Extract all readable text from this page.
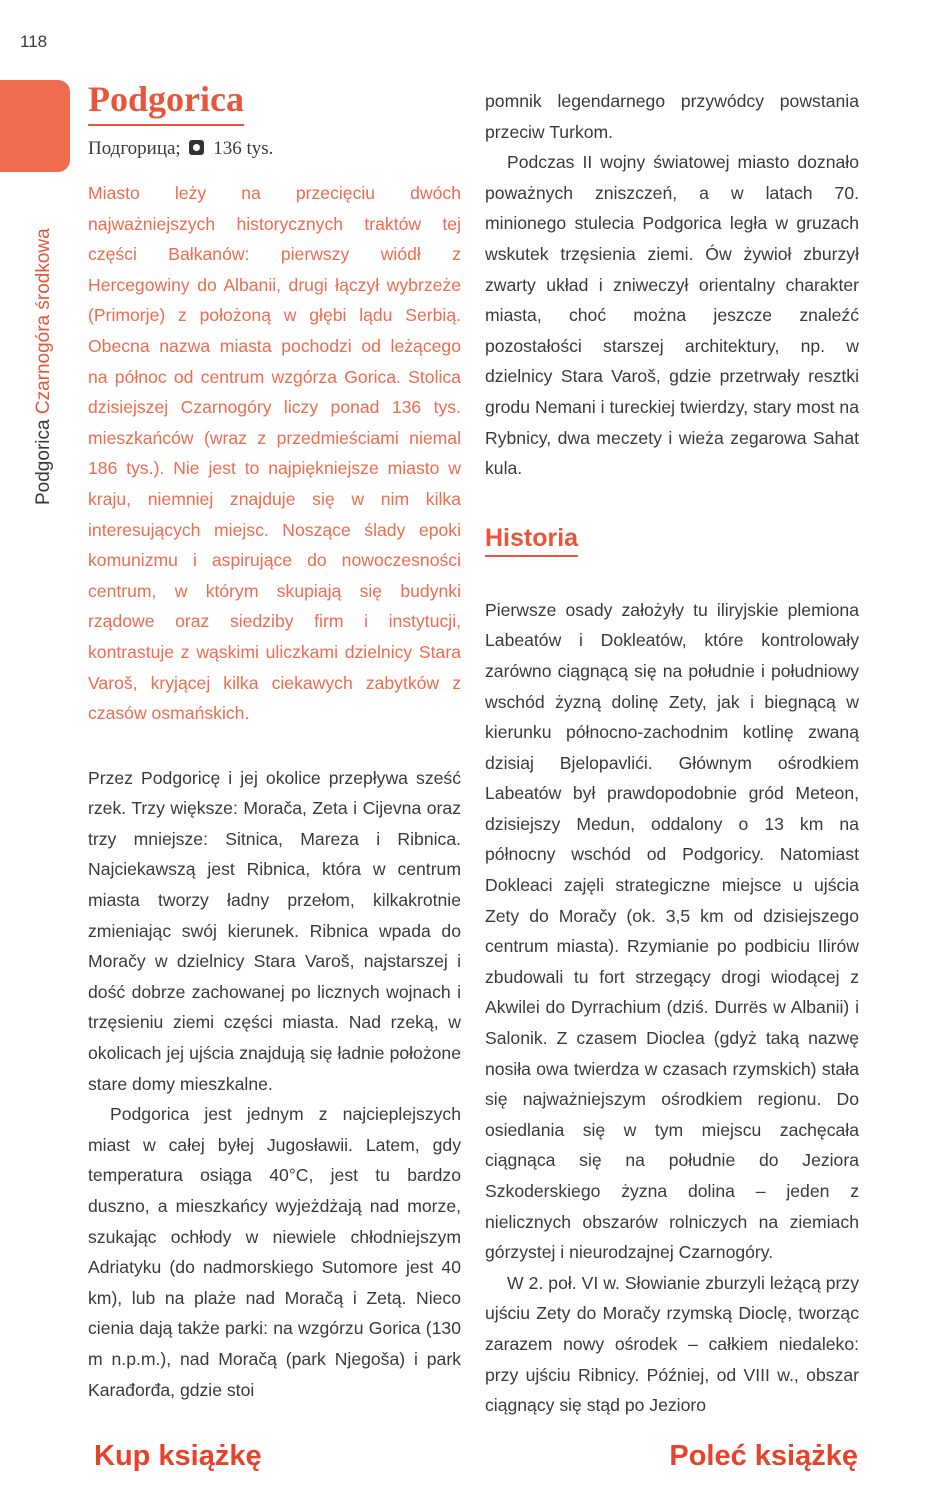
118
Podgorica Czarnogóra środkowa
Podgorica
Подгорица; 136 tys.

Miasto leży na przecięciu dwóch najważniejszych historycznych traktów tej części Bałkanów: pierwszy wiódł z Hercegowiny do Albanii, drugi łączył wybrzeże (Primorje) z położoną w głębi lądu Serbią. Obecna nazwa miasta pochodzi od leżącego na północ od centrum wzgórza Gorica. Stolica dzisiejszej Czarnogóry liczy ponad 136 tys. mieszkańców (wraz z przedmieściami niemal 186 tys.). Nie jest to najpiękniejsze miasto w kraju, niemniej znajduje się w nim kilka interesujących miejsc. Noszące ślady epoki komunizmu i aspirujące do nowoczesności centrum, w którym skupiają się budynki rządowe oraz siedziby firm i instytucji, kontrastuje z wąskimi uliczkami dzielnicy Stara Varoš, kryjącej kilka ciekawych zabytków z czasów osmańskich.

Przez Podgoricę i jej okolice przepływa sześć rzek. Trzy większe: Morača, Zeta i Cijevna oraz trzy mniejsze: Sitnica, Mareza i Ribnica. Najciekawszą jest Ribnica, która w centrum miasta tworzy ładny przełom, kilkakrotnie zmieniając swój kierunek. Ribnica wpada do Moračy w dzielnicy Stara Varoš, najstarszej i dość dobrze zachowanej po licznych wojnach i trzęsieniu ziemi części miasta. Nad rzeką, w okolicach jej ujścia znajdują się ładnie położone stare domy mieszkalne.

Podgorica jest jednym z najcieplejszych miast w całej byłej Jugosławii. Latem, gdy temperatura osiąga 40°C, jest tu bardzo duszno, a mieszkańcy wyjeżdżają nad morze, szukając ochłody w niewiele chłodniejszym Adriatyku (do nadmorskiego Sutomore jest 40 km), lub na plaże nad Moračą i Zetą. Nieco cienia dają także parki: na wzgórzu Gorica (130 m n.p.m.), nad Moračą (park Njegoša) i park Karađorđa, gdzie stoi

pomnik legendarnego przywódcy powstania przeciw Turkom.

Podczas II wojny światowej miasto doznało poważnych zniszczeń, a w latach 70. minionego stulecia Podgorica legła w gruzach wskutek trzęsienia ziemi. Ów żywioł zburzył zwarty układ i zniweczył orientalny charakter miasta, choć można jeszcze znaleźć pozostałości starszej architektury, np. w dzielnicy Stara Varoš, gdzie przetrwały resztki grodu Nemani i tureckiej twierdzy, stary most na Rybnicy, dwa meczety i wieża zegarowa Sahat kula.

Historia

Pierwsze osady założyły tu iliryjskie plemiona Labeatów i Dokleatów, które kontrolowały zarówno ciągnącą się na południe i południowy wschód żyzną dolinę Zety, jak i biegnącą w kierunku północno-zachodnim kotlinę zwaną dzisiaj Bjelopavlići. Głównym ośrodkiem Labeatów był prawdopodobnie gród Meteon, dzisiejszy Medun, oddalony o 13 km na północny wschód od Podgoricy. Natomiast Dokleaci zajęli strategiczne miejsce u ujścia Zety do Moračy (ok. 3,5 km od dzisiejszego centrum miasta). Rzymianie po podbiciu Ilirów zbudowali tu fort strzegący drogi wiodącej z Akwilei do Dyrrachium (dziś. Durrës w Albanii) i Salonik. Z czasem Dioclea (gdyż taką nazwę nosiła owa twierdza w czasach rzymskich) stała się najważniejszym ośrodkiem regionu. Do osiedlania się w tym miejscu zachęcała ciągnąca się na południe do Jeziora Szkoderskiego żyzna dolina – jeden z nielicznych obszarów rolniczych na ziemiach górzystej i nieurodzajnej Czarnogóry.

W 2. poł. VI w. Słowianie zburzyli leżącą przy ujściu Zety do Moračy rzymską Dioclę, tworząc zarazem nowy ośrodek – całkiem niedaleko: przy ujściu Ribnicy. Później, od VIII w., obszar ciągnący się stąd po Jezioro

Kup książkę	Poleć książkę
